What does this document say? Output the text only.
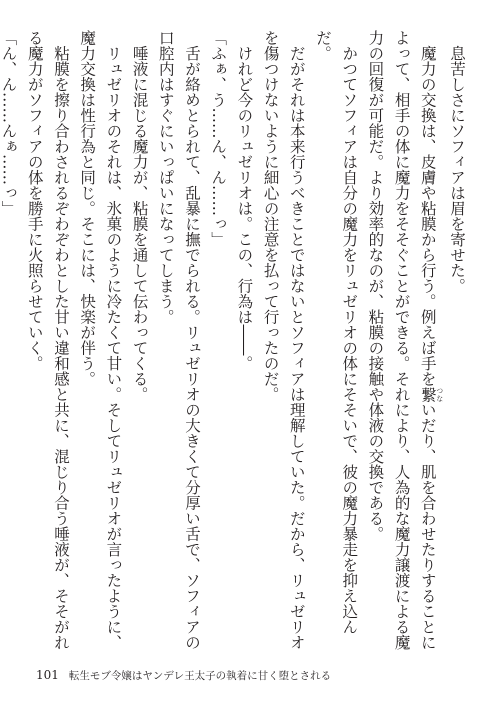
　息苦しさにソフィアは眉を寄せた。

　魔力の交換は、皮膚や粘膜から行う。例えば手を繋 つないだり、肌を合わせたりすることによって、相手の体に魔力をそそぐことができる。それにより、人為的な魔力譲渡による魔力の回復が可能だ。より効率的なのが、粘膜の接触や体液の交換である。

　かつてソフィアは自分の魔力をリュゼリオの体にそそいで、彼の魔力暴走を抑え込んだ。

　だがそれは本来行うべきことではないとソフィアは理解していた。だから、リュゼリオを傷つけないように細心の注意を払って行ったのだ。

　けれど今のリュゼリオは。この、行為は――。

「ふぁ、う……ん、ん……っ」

　舌が絡めとられて、乱暴に撫でられる。リュゼリオの大きくて分厚い舌で、ソフィアの口腔内はすぐにいっぱいになってしまう。

　唾液に混じる魔力が、粘膜を通して伝わってくる。

　リュゼリオのそれは、氷菓のように冷たくて甘い。そしてリュゼリオが言ったように、魔力交換は性行為と同じ。そこには、快楽が伴う。

　粘膜を擦り合わされるぞわぞわとした甘い違和感と共に、混じり合う唾液が、そそがれる魔力がソフィアの体を勝手に火照らせていく。

「ん、ん……んぁ……っ」

101 転生モブ令嬢はヤンデレ王太子の執着に甘く堕とされる
